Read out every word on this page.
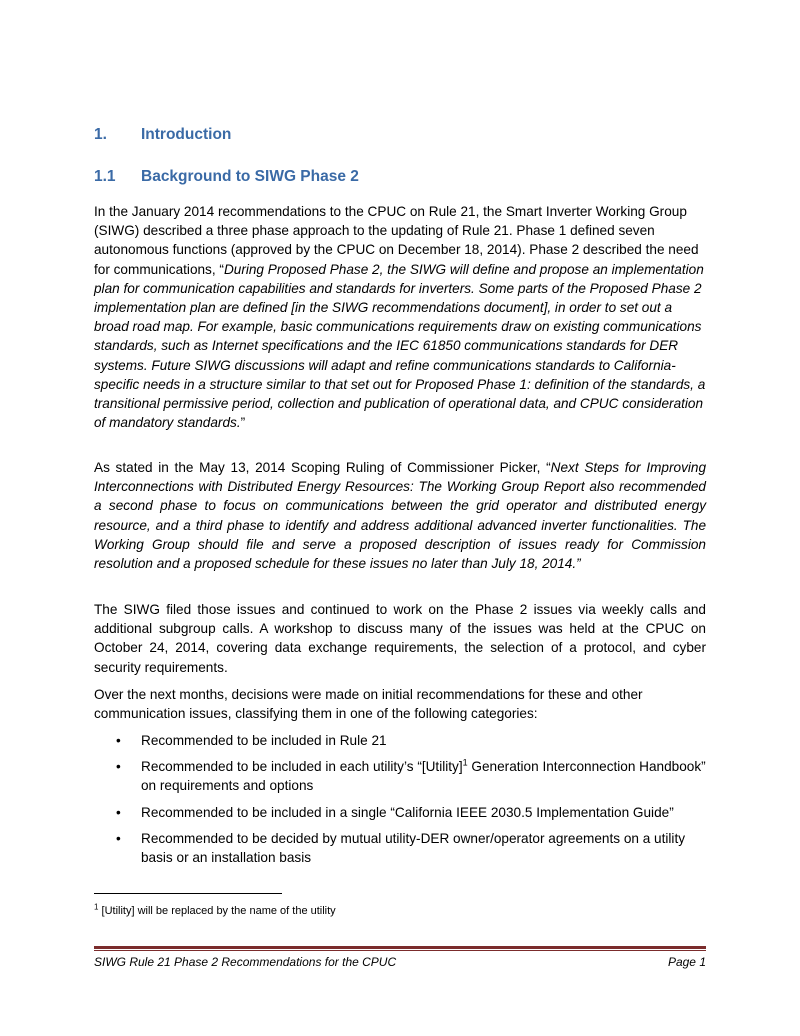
1. Introduction
1.1 Background to SIWG Phase 2

In the January 2014 recommendations to the CPUC on Rule 21, the Smart Inverter Working Group (SIWG) described a three phase approach to the updating of Rule 21. Phase 1 defined seven autonomous functions (approved by the CPUC on December 18, 2014). Phase 2 described the need for communications, “During Proposed Phase 2, the SIWG will define and propose an implementation plan for communication capabilities and standards for inverters. Some parts of the Proposed Phase 2 implementation plan are defined [in the SIWG recommendations document], in order to set out a broad road map. For example, basic communications requirements draw on existing communications standards, such as Internet specifications and the IEC 61850 communications standards for DER systems. Future SIWG discussions will adapt and refine communications standards to California-specific needs in a structure similar to that set out for Proposed Phase 1: definition of the standards, a transitional permissive period, collection and publication of operational data, and CPUC consideration of mandatory standards.”

As stated in the May 13, 2014 Scoping Ruling of Commissioner Picker, “Next Steps for Improving Interconnections with Distributed Energy Resources: The Working Group Report also recommended a second phase to focus on communications between the grid operator and distributed energy resource, and a third phase to identify and address additional advanced inverter functionalities. The Working Group should file and serve a proposed description of issues ready for Commission resolution and a proposed schedule for these issues no later than July 18, 2014.”

The SIWG filed those issues and continued to work on the Phase 2 issues via weekly calls and additional subgroup calls. A workshop to discuss many of the issues was held at the CPUC on October 24, 2014, covering data exchange requirements, the selection of a protocol, and cyber security requirements.

Over the next months, decisions were made on initial recommendations for these and other communication issues, classifying them in one of the following categories:

• Recommended to be included in Rule 21
• Recommended to be included in each utility’s “[Utility]$^1$ Generation Interconnection Handbook” on requirements and options
• Recommended to be included in a single “California IEEE 2030.5 Implementation Guide”
• Recommended to be decided by mutual utility-DER owner/operator agreements on a utility basis or an installation basis
$^1$ [Utility] will be replaced by the name of the utility
SIWG Rule 21 Phase 2 Recommendations for the CPUC	Page 1
